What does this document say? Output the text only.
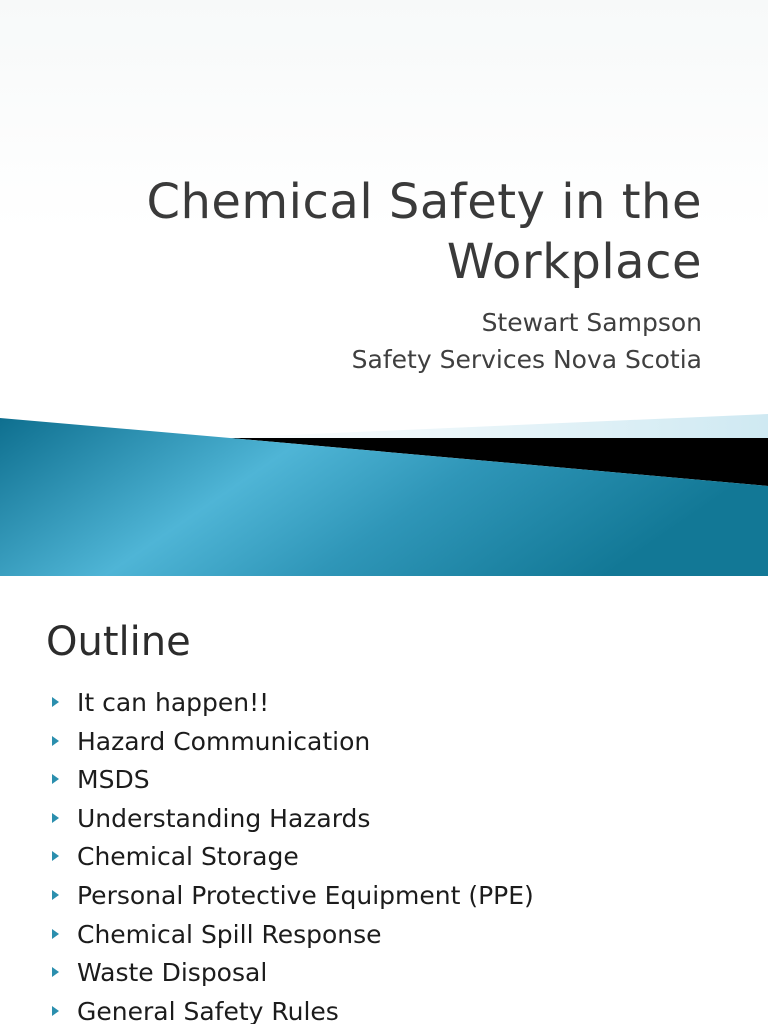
Chemical Safety in the
Workplace
Stewart Sampson
Safety Services Nova Scotia
Outline
It can happen!!
Hazard Communication
MSDS
Understanding Hazards
Chemical Storage
Personal Protective Equipment (PPE)
Chemical Spill Response
Waste Disposal
General Safety Rules
